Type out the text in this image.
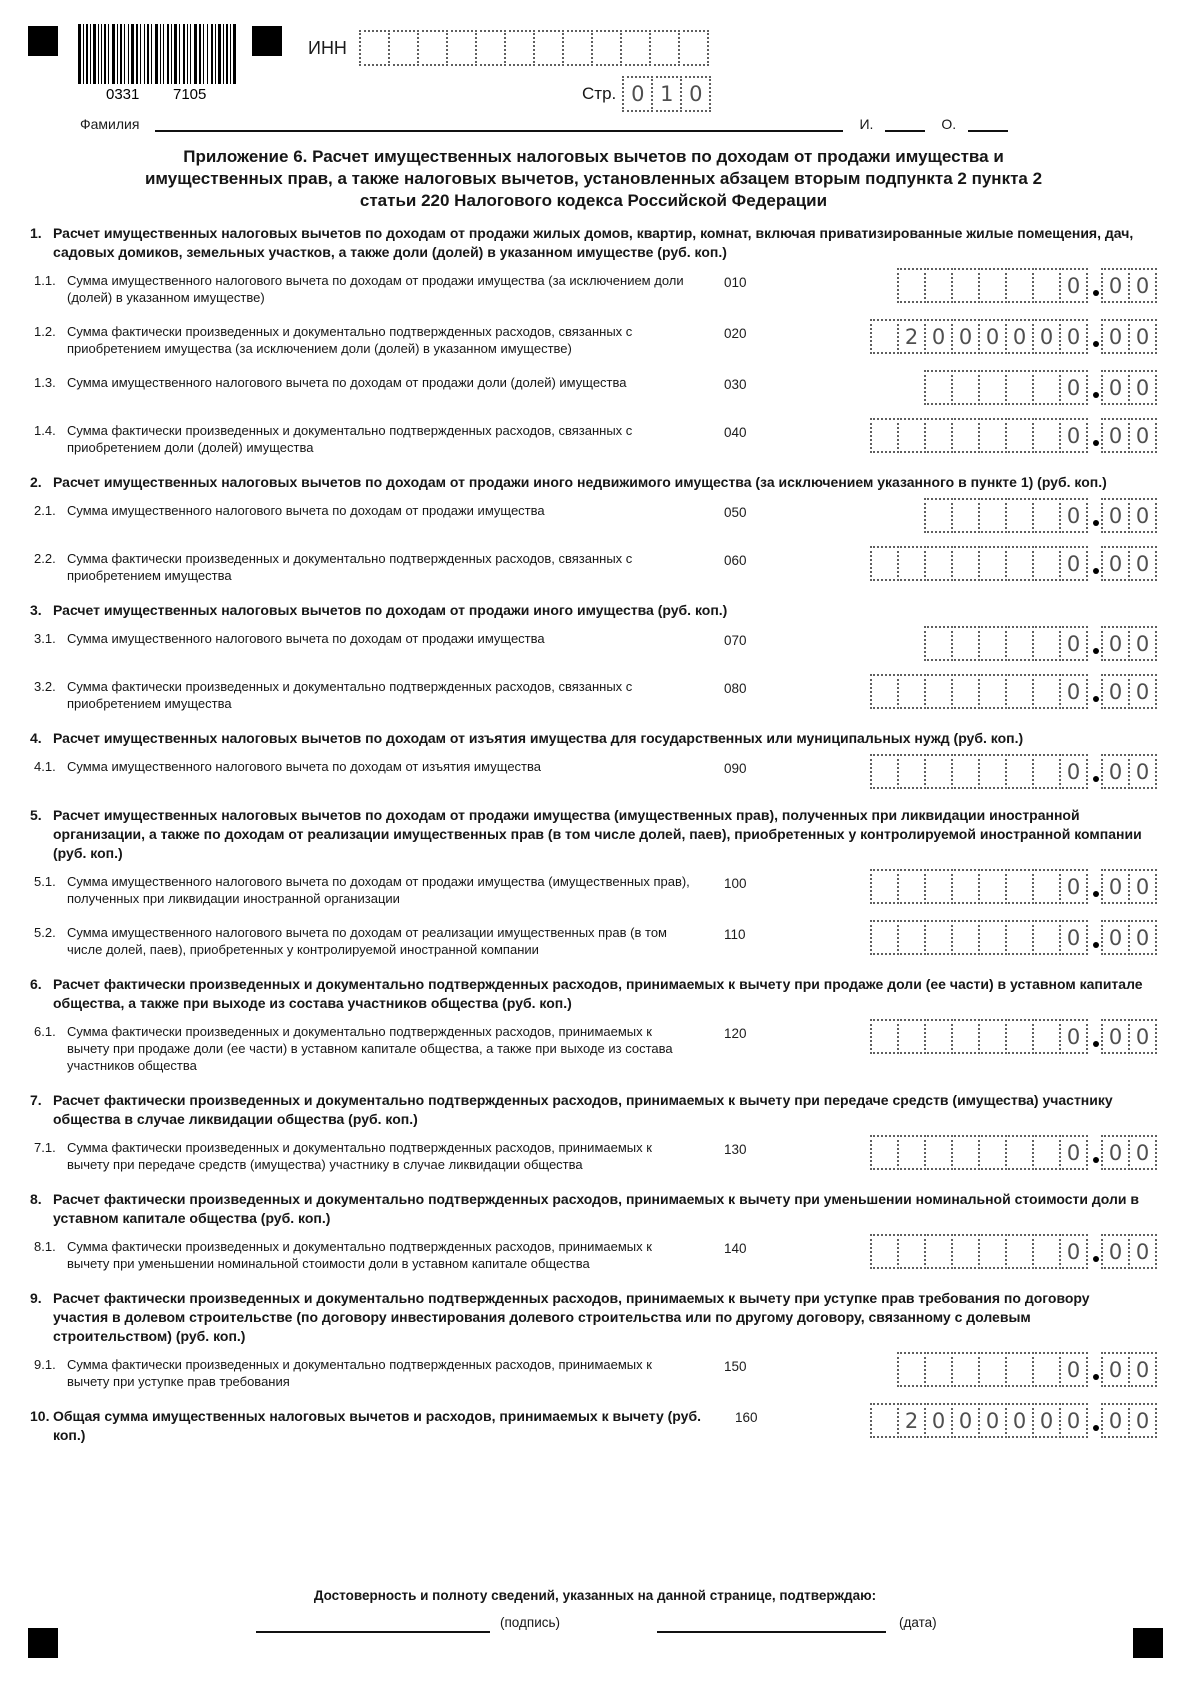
0331 7105
ИНН
Стр. 0 1 0
Фамилия	И.	О.
Приложение 6. Расчет имущественных налоговых вычетов по доходам от продажи имущества и имущественных прав, а также налоговых вычетов, установленных абзацем вторым подпункта 2 пункта 2 статьи 220 Налогового кодекса Российской Федерации
1. Расчет имущественных налоговых вычетов по доходам от продажи жилых домов, квартир, комнат, включая приватизированные жилые помещения, дач, садовых домиков, земельных участков, а также доли (долей) в указанном имуществе (руб. коп.)
1.1. Сумма имущественного налогового вычета по доходам от продажи имущества (за исключением доли (долей) в указанном имуществе)
010	0	0 0
1.2. Сумма фактически произведенных и документально подтвержденных расходов, связанных с приобретением имущества (за исключением доли (долей) в указанном имуществе)
020	2 0 0 0 0 0 0	0 0
1.3. Сумма имущественного налогового вычета по доходам от продажи доли (долей) имущества	030	0	0 0
1.4. Сумма фактически произведенных и документально подтвержденных расходов, связанных с приобретением доли (долей) имущества
040	0	0 0
2. Расчет имущественных налоговых вычетов по доходам от продажи иного недвижимого имущества (за исключением указанного в пункте 1) (руб. коп.)
2.1. Сумма имущественного налогового вычета по доходам от продажи имущества	050	0	0 0
2.2. Сумма фактически произведенных и документально подтвержденных расходов, связанных с приобретением имущества
060	0	0 0
3. Расчет имущественных налоговых вычетов по доходам от продажи иного имущества (руб. коп.)
3.1. Сумма имущественного налогового вычета по доходам от продажи имущества	070	0	0 0
3.2. Сумма фактически произведенных и документально подтвержденных расходов, связанных с приобретением имущества
080	0	0 0
4. Расчет имущественных налоговых вычетов по доходам от изъятия имущества для государственных или муниципальных нужд (руб. коп.)
4.1. Сумма имущественного налогового вычета по доходам от изъятия имущества	090	0	0 0
5. Расчет имущественных налоговых вычетов по доходам от продажи имущества (имущественных прав), полученных при ликвидации иностранной организации, а также по доходам от реализации имущественных прав (в том числе долей, паев), приобретенных у контролируемой иностранной компании (руб. коп.)
5.1. Сумма имущественного налогового вычета по доходам от продажи имущества (имущественных прав), полученных при ликвидации иностранной организации
100	0	0 0
5.2. Сумма имущественного налогового вычета по доходам от реализации имущественных прав (в том числе долей, паев), приобретенных у контролируемой иностранной компании
110	0	0 0
6. Расчет фактически произведенных и документально подтвержденных расходов, принимаемых к вычету при продаже доли (ее части) в уставном капитале общества, а также при выходе из состава участников общества (руб. коп.)
6.1. Сумма фактически произведенных и документально подтвержденных расходов, принимаемых к вычету при продаже доли (ее части) в уставном капитале общества, а также при выходе из состава участников общества
120	0	0 0
7. Расчет фактически произведенных и документально подтвержденных расходов, принимаемых к вычету при передаче средств (имущества) участнику общества в случае ликвидации общества (руб. коп.)
7.1. Сумма фактически произведенных и документально подтвержденных расходов, принимаемых к вычету при передаче средств (имущества) участнику в случае ликвидации общества
130	0	0 0
8. Расчет фактически произведенных и документально подтвержденных расходов, принимаемых к вычету при уменьшении номинальной стоимости доли в уставном капитале общества (руб. коп.)
8.1. Сумма фактически произведенных и документально подтвержденных расходов, принимаемых к вычету при уменьшении номинальной стоимости доли в уставном капитале общества
140	0	0 0
9. Расчет фактически произведенных и документально подтвержденных расходов, принимаемых к вычету при уступке прав требования по договору участия в долевом строительстве (по договору инвестирования долевого строительства или по другому договору, связанному с долевым строительством) (руб. коп.)
9.1. Сумма фактически произведенных и документально подтвержденных расходов, принимаемых к вычету при уступке прав требования
150	0	0 0
10. Общая сумма имущественных налоговых вычетов и расходов, принимаемых к вычету (руб. коп.)
160	2 0 0 0 0 0 0	0 0
Достоверность и полноту сведений, указанных на данной странице, подтверждаю:
(подпись)	(дата)
